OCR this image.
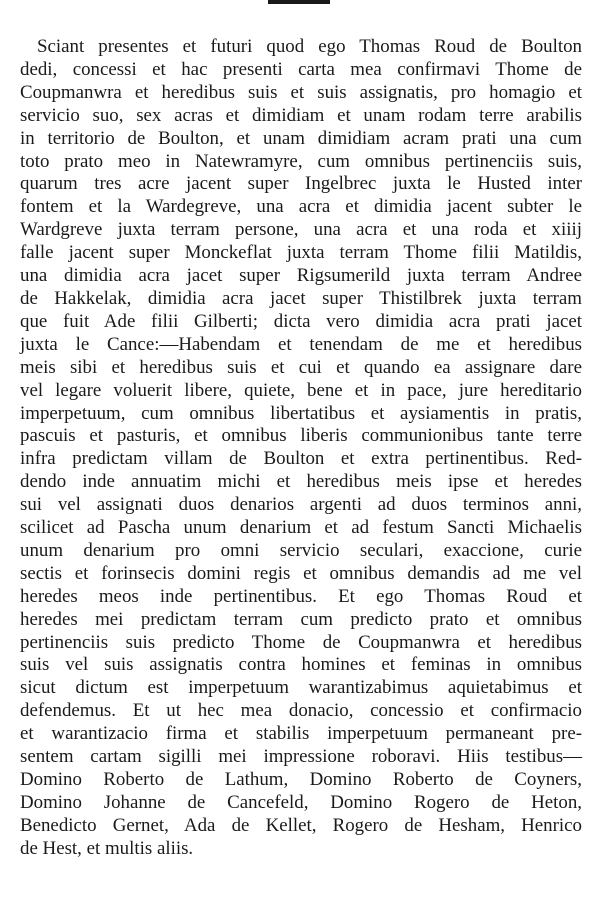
Sciant presentes et futuri quod ego Thomas Roud de Boulton
dedi, concessi et hac presenti carta mea confirmavi Thome de
Coupmanwra et heredibus suis et suis assignatis, pro homagio et
servicio suo, sex acras et dimidiam et unam rodam terre arabilis
in territorio de Boulton, et unam dimidiam acram prati una cum
toto prato meo in Natewramyre, cum omnibus pertinenciis suis,
quarum tres acre jacent super Ingelbrec juxta le Husted inter
fontem et la Wardegreve, una acra et dimidia jacent subter le
Wardgreve juxta terram persone, una acra et una roda et xiiij
falle jacent super Monckeflat juxta terram Thome filii Matildis,
una dimidia acra jacet super Rigsumerild juxta terram Andree
de Hakkelak, dimidia acra jacet super Thistilbrek juxta terram
que fuit Ade filii Gilberti; dicta vero dimidia acra prati jacet
juxta le Cance:—Habendam et tenendam de me et heredibus
meis sibi et heredibus suis et cui et quando ea assignare dare
vel legare voluerit libere, quiete, bene et in pace, jure hereditario
imperpetuum, cum omnibus libertatibus et aysiamentis in pratis,
pascuis et pasturis, et omnibus liberis communionibus tante terre
infra predictam villam de Boulton et extra pertinentibus. Red-
dendo inde annuatim michi et heredibus meis ipse et heredes
sui vel assignati duos denarios argenti ad duos terminos anni,
scilicet ad Pascha unum denarium et ad festum Sancti Michaelis
unum denarium pro omni servicio seculari, exaccione, curie
sectis et forinsecis domini regis et omnibus demandis ad me vel
heredes meos inde pertinentibus. Et ego Thomas Roud et
heredes mei predictam terram cum predicto prato et omnibus
pertinenciis suis predicto Thome de Coupmanwra et heredibus
suis vel suis assignatis contra homines et feminas in omnibus
sicut dictum est imperpetuum warantizabimus aquietabimus et
defendemus. Et ut hec mea donacio, concessio et confirmacio
et warantizacio firma et stabilis imperpetuum permaneant pre-
sentem cartam sigilli mei impressione roboravi. Hiis testibus—
Domino Roberto de Lathum, Domino Roberto de Coyners,
Domino Johanne de Cancefeld, Domino Rogero de Heton,
Benedicto Gernet, Ada de Kellet, Rogero de Hesham, Henrico
de Hest, et multis aliis.
